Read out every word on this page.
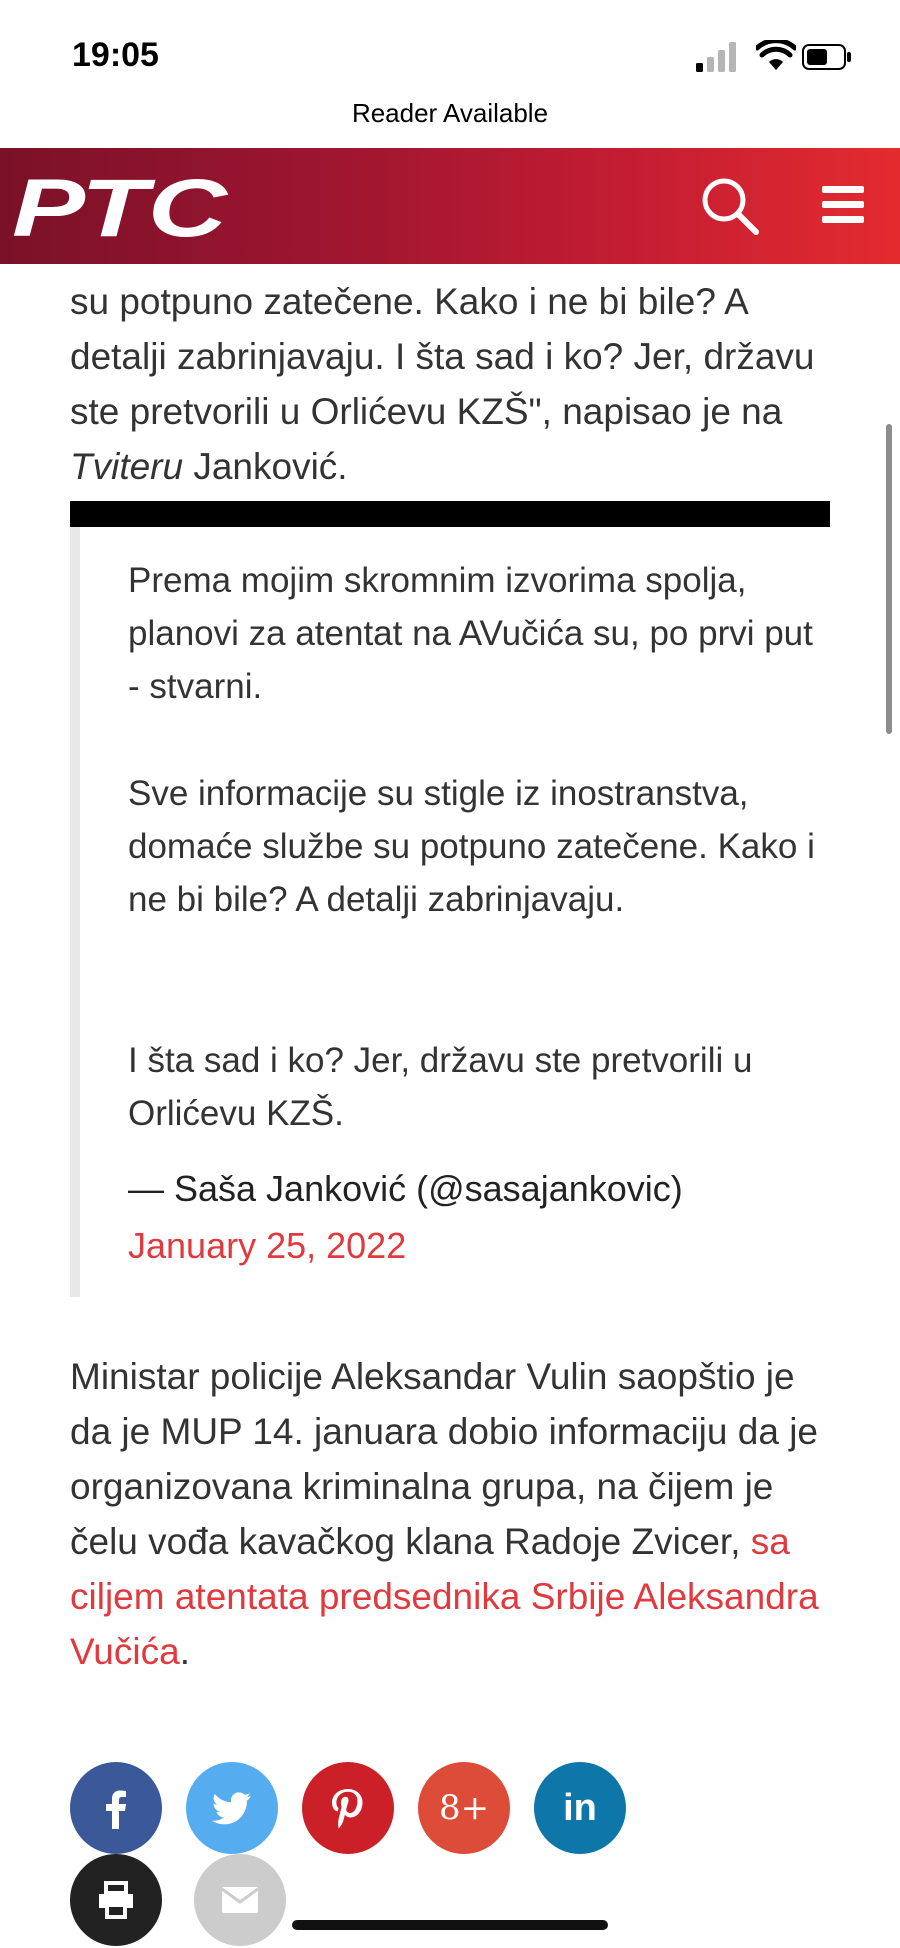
19:05
Reader Available
РТС

su potpuno zatečene. Kako i ne bi bile? A detalji zabrinjavaju. I šta sad i ko? Jer, državu ste pretvorili u Orlićevu KZŠ", napisao je na Tviteru Janković.

Prema mojim skromnim izvorima spolja, planovi za atentat na AVučića su, po prvi put - stvarni.

Sve informacije su stigle iz inostranstva, domaće službe su potpuno zatečene. Kako i ne bi bile? A detalji zabrinjavaju.

I šta sad i ko? Jer, državu ste pretvorili u Orlićevu KZŠ.

— Saša Janković (@sasajankovic)
January 25, 2022

Ministar policije Aleksandar Vulin saopštio je da je MUP 14. januara dobio informaciju da je organizovana kriminalna grupa, na čijem je čelu vođa kavačkog klana Radoje Zvicer, sa ciljem atentata predsednika Srbije Aleksandra Vučića.

8+ in
